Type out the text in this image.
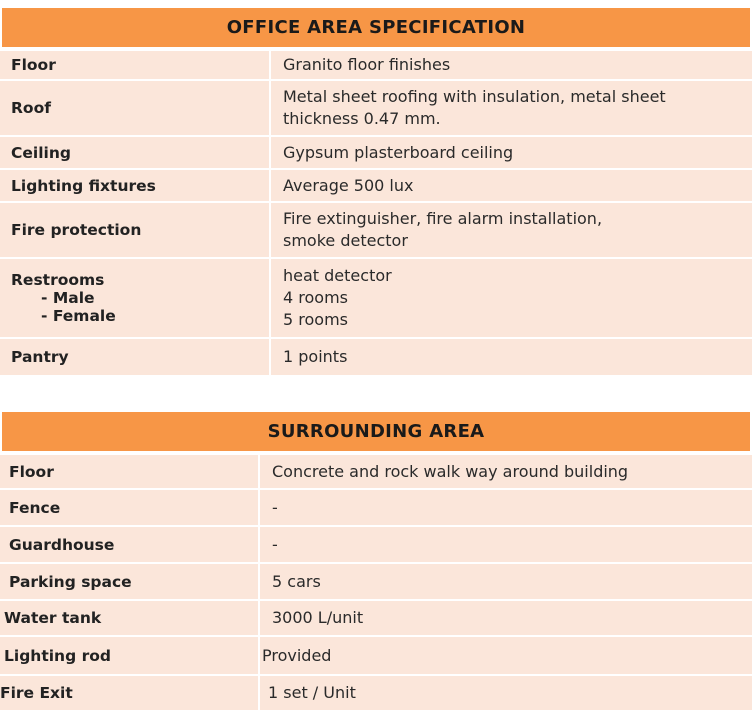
OFFICE AREA SPECIFICATION	
Floor	Granito floor finishes

Roof	Metal sheet roofing with insulation, metal sheet
thickness 0.47 mm.

Ceiling	Gypsum plasterboard ceiling

Lighting fixtures	Average 500 lux

Fire protection	Fire extinguisher, fire alarm installation,
smoke detector

Restrooms
- Male
- Female	heat detector
4 rooms
5 rooms

Pantry	1 points
SURROUNDING AREA	
Floor	Concrete and rock walk way around building
Fence	-
Guardhouse	-
Parking space	5 cars
Water tank	3000 L/unit
Lighting rod	Provided
Fire Exit	1 set / Unit
